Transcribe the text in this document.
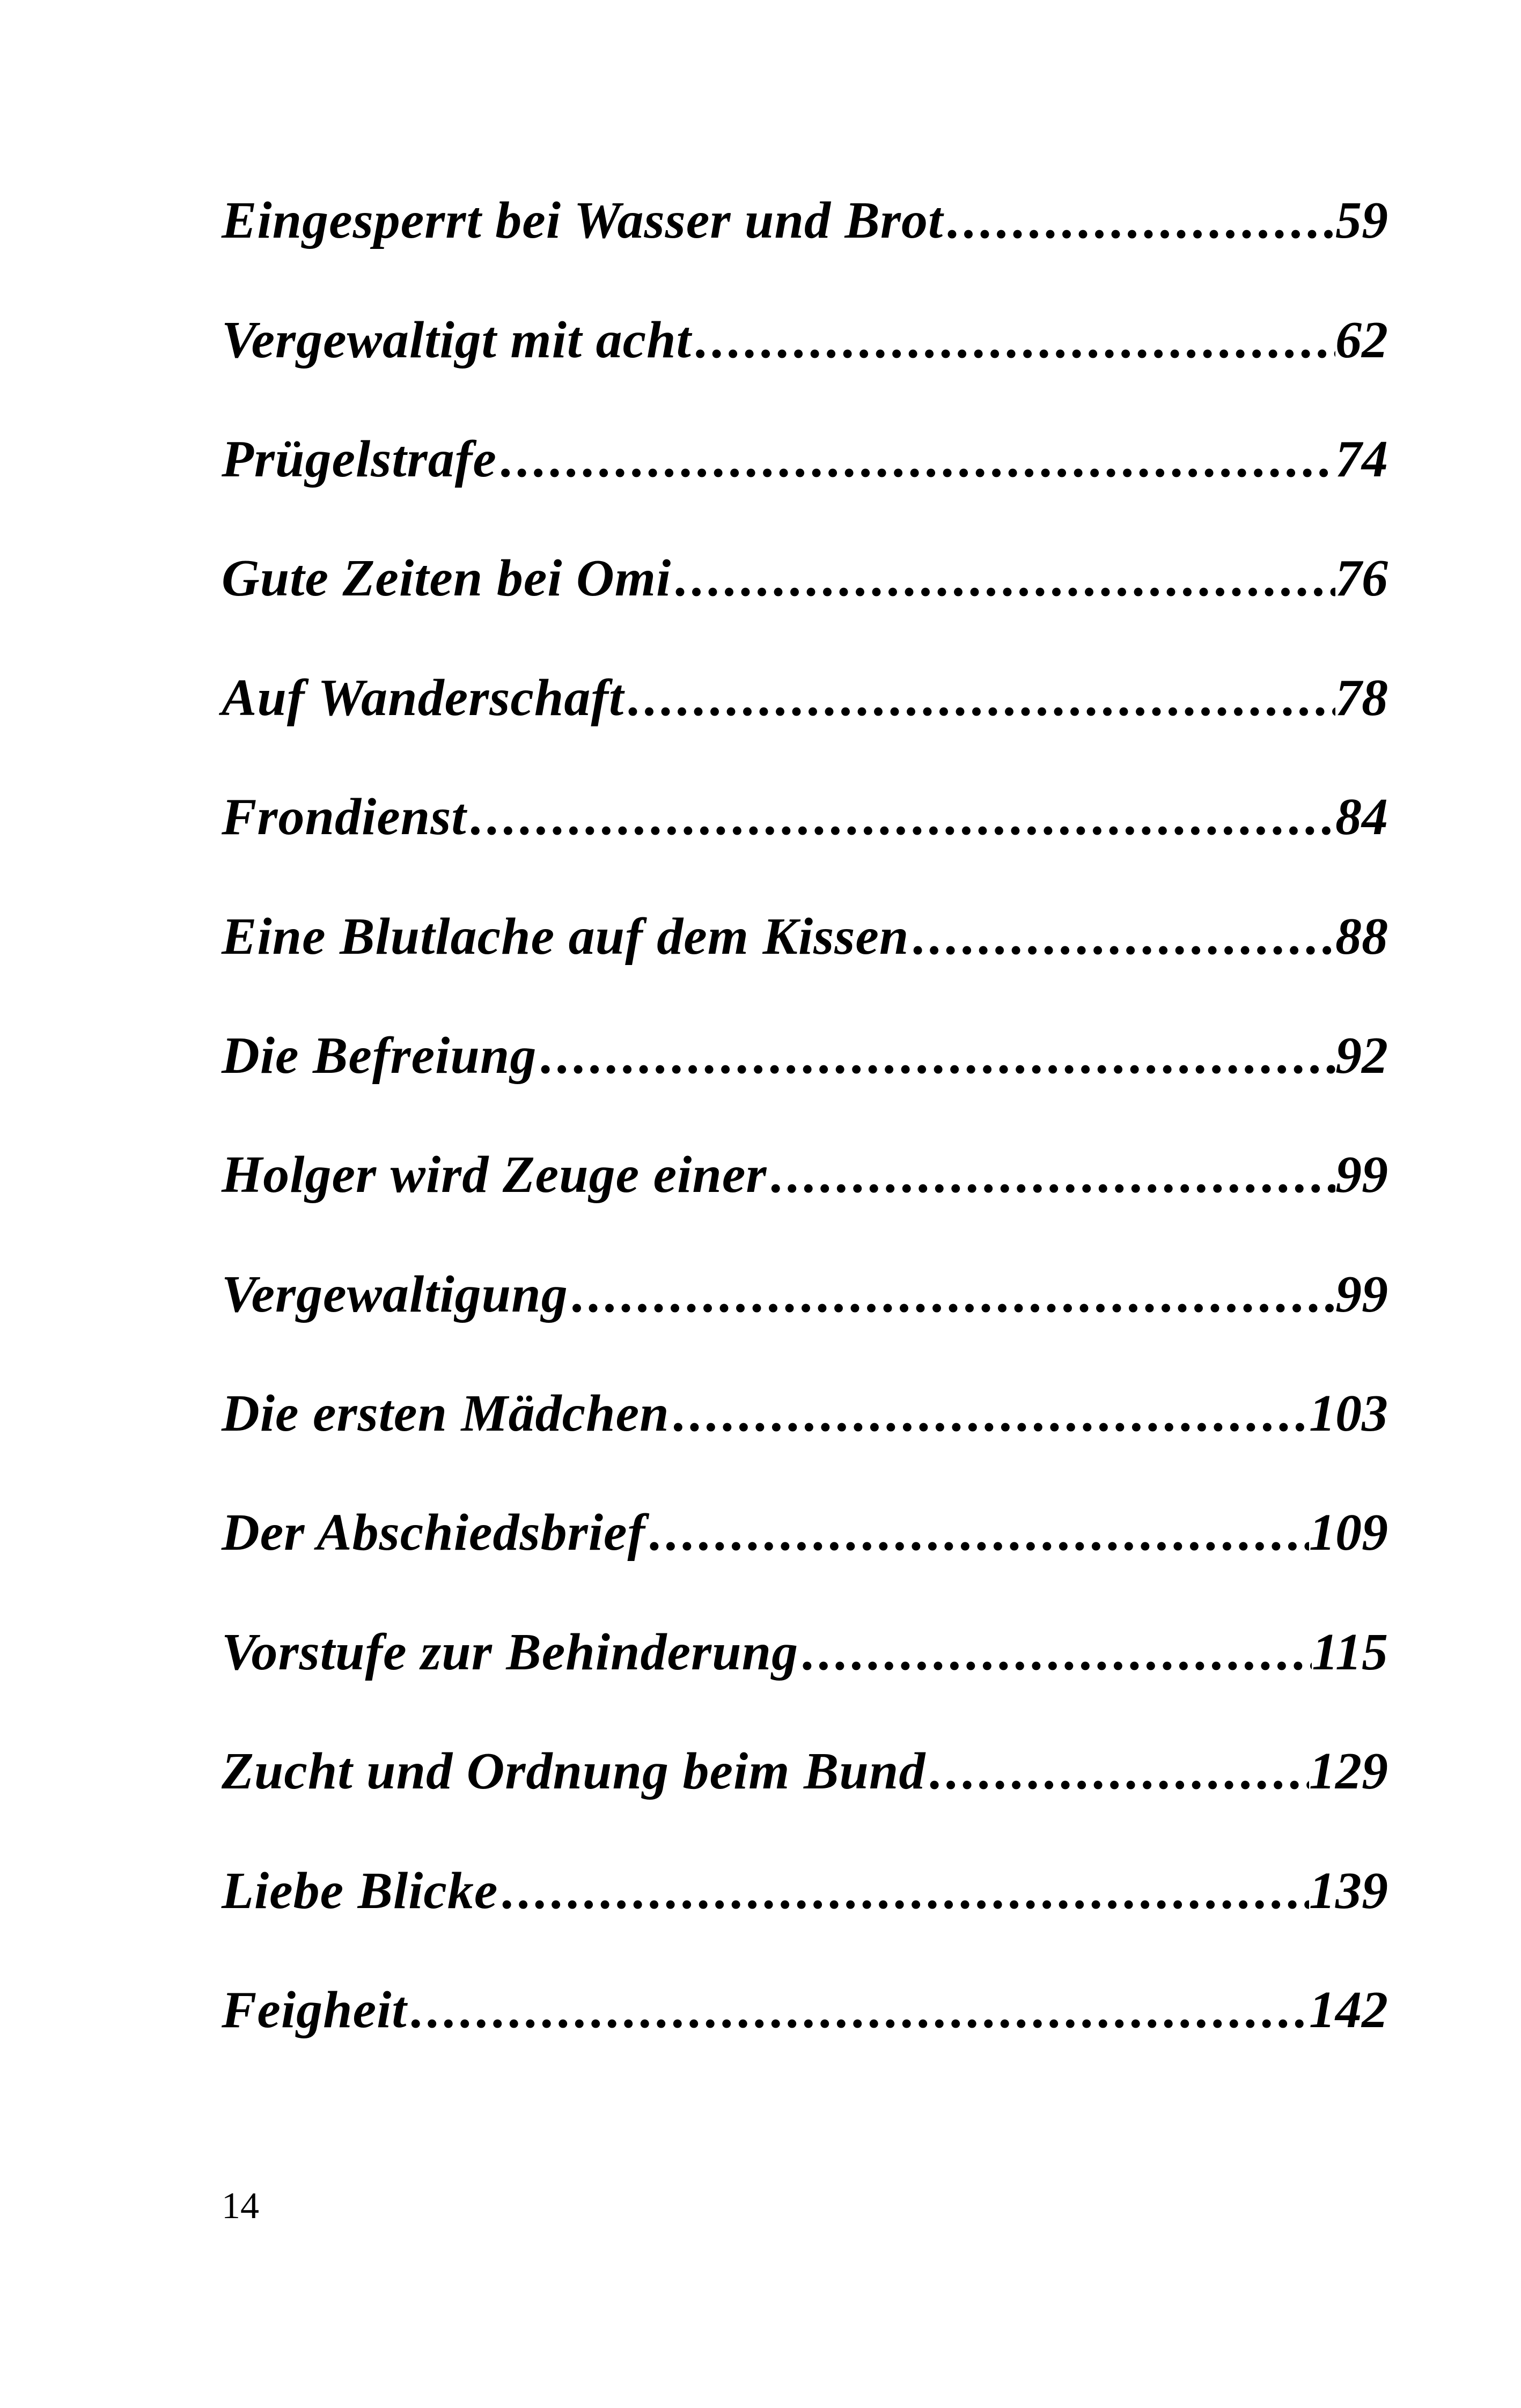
Eingesperrt bei Wasser und Brot .....	59
Vergewaltigt mit acht .....	62
Prügelstrafe .....	74
Gute Zeiten bei Omi .....	76
Auf Wanderschaft .....	78
Frondienst .....	84
Eine Blutlache auf dem Kissen .....	88
Die Befreiung .....	92
Holger wird Zeuge einer .....	99
Vergewaltigung .....	99
Die ersten Mädchen .....	103
Der Abschiedsbrief .....	109
Vorstufe zur Behinderung .....	115
Zucht und Ordnung beim Bund .....	129
Liebe Blicke .....	139
Feigheit .....	142
14
